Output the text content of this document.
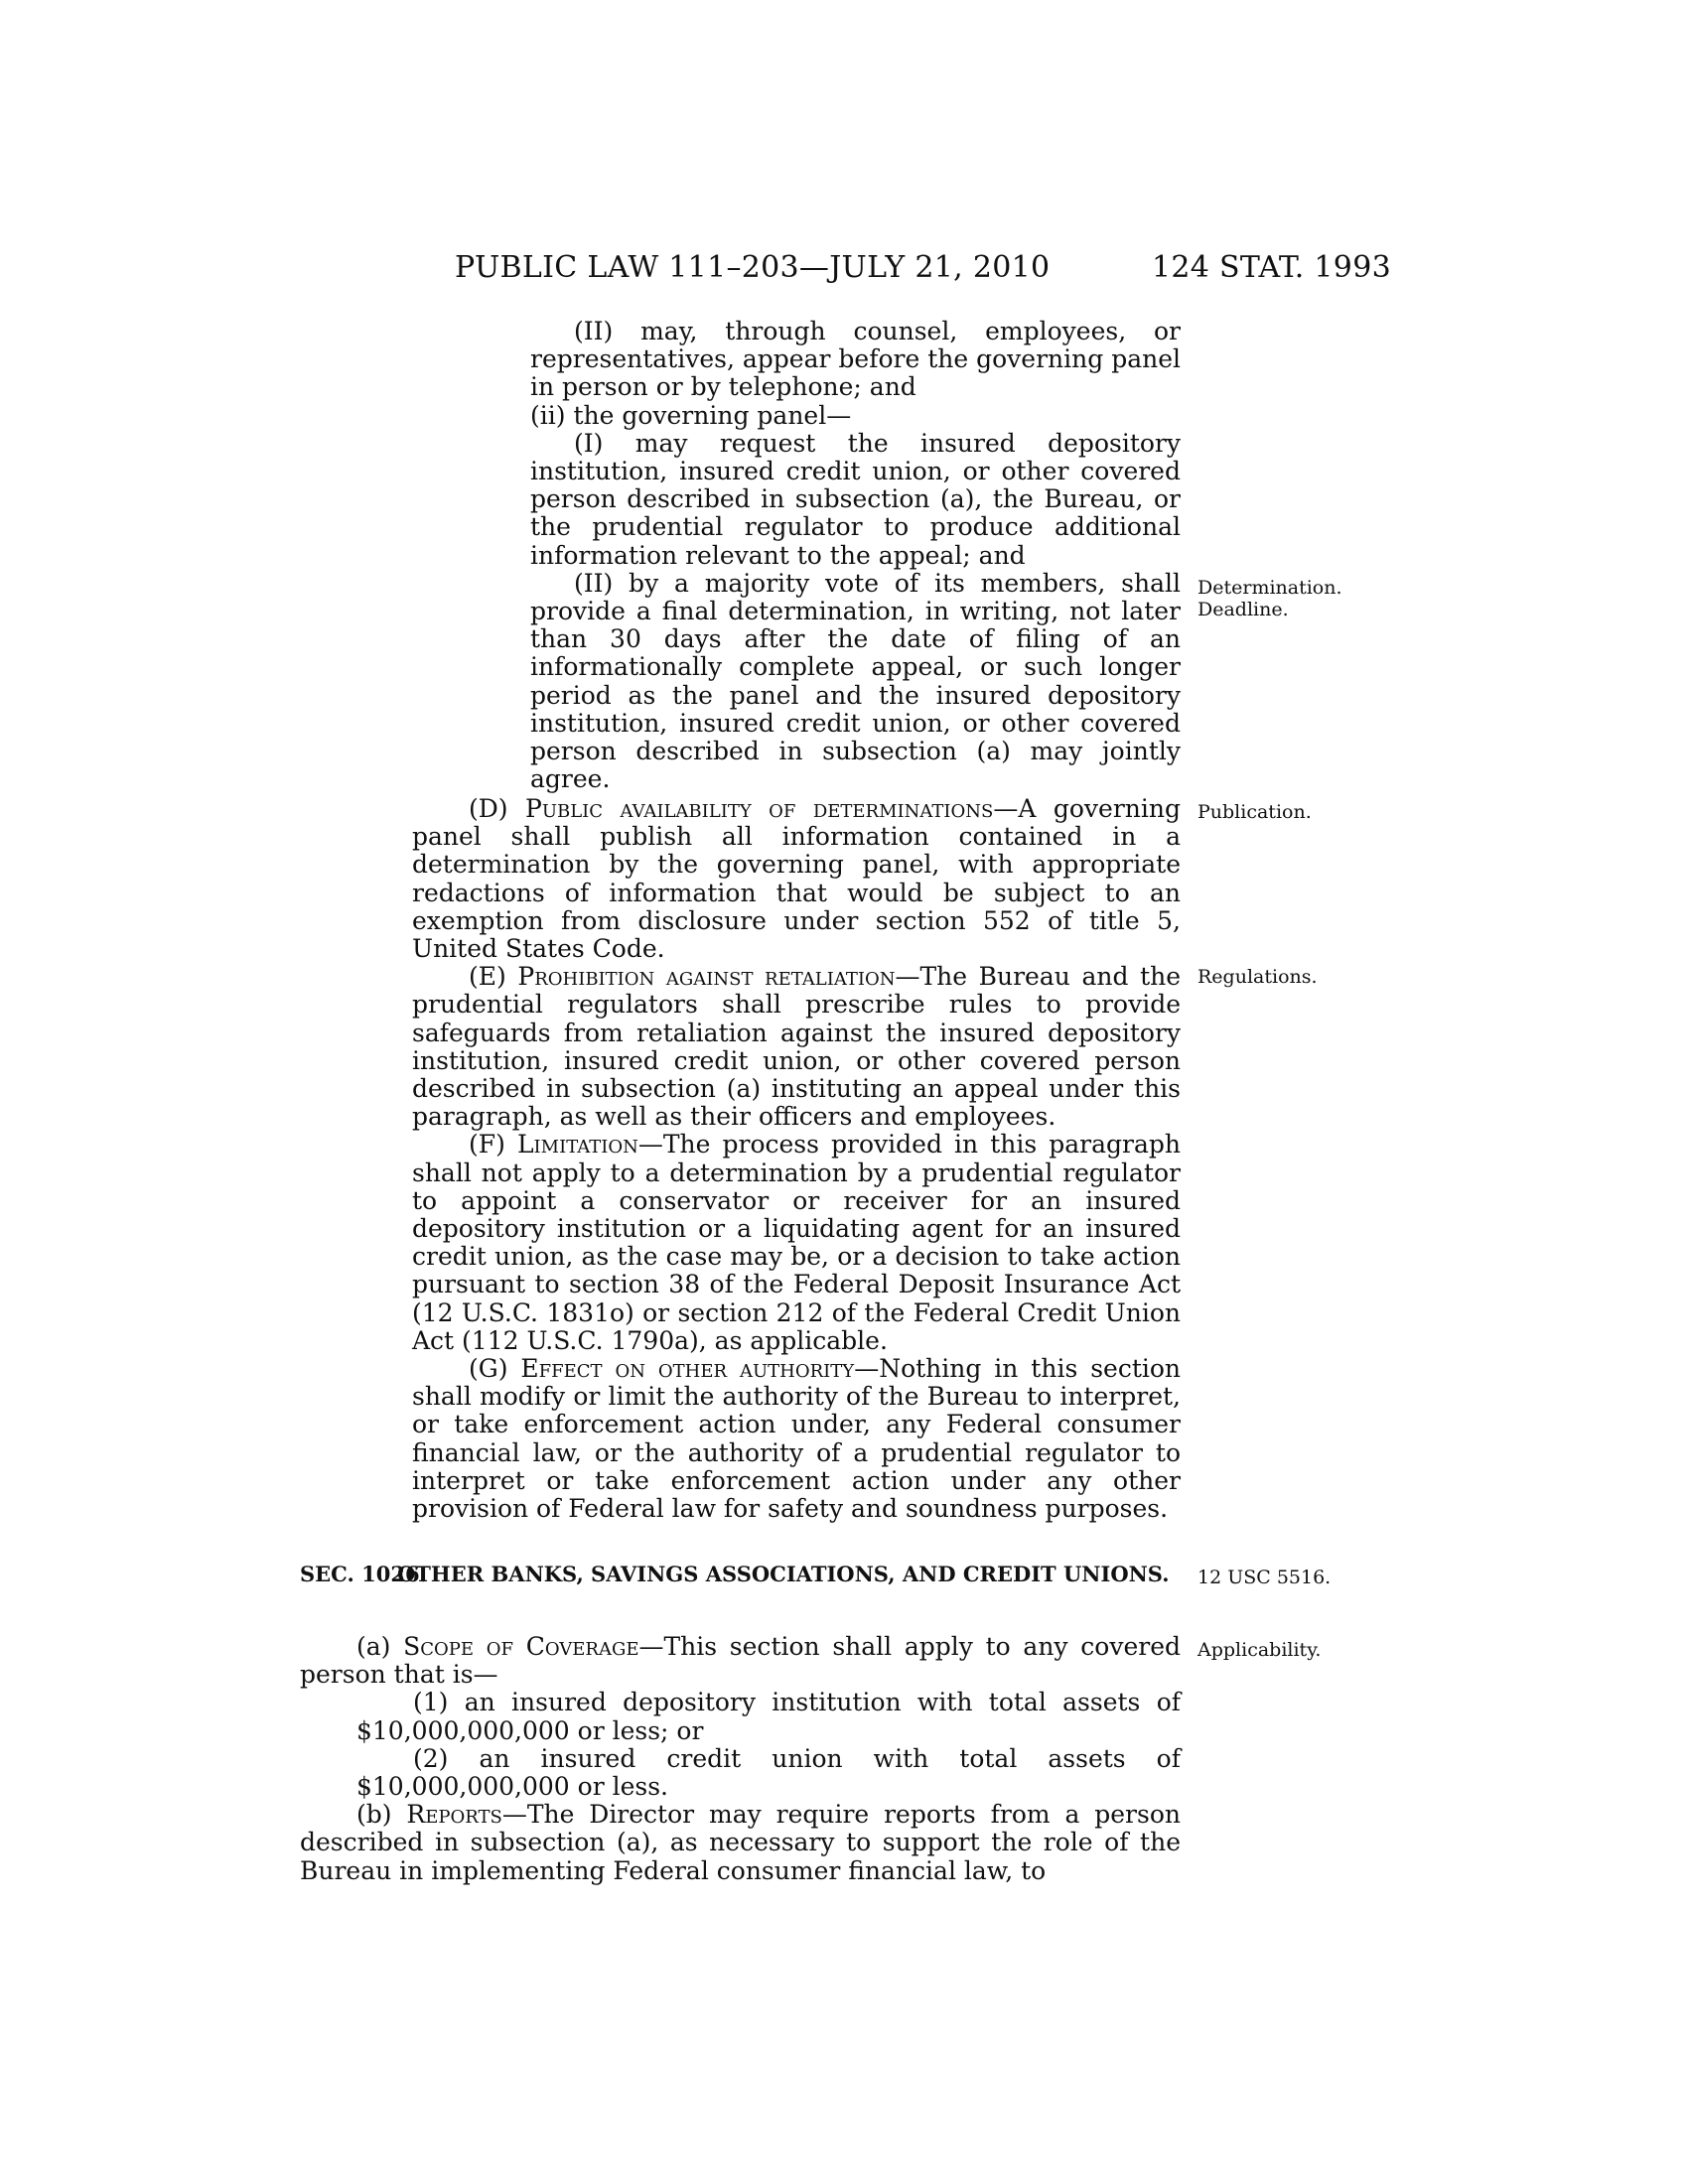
PUBLIC LAW 111–203—JULY 21, 2010	124 STAT. 1993
(II) may, through counsel, employees, or representatives, appear before the governing panel in person or by telephone; and
(ii) the governing panel—
(I) may request the insured depository institution, insured credit union, or other covered person described in subsection (a), the Bureau, or the prudential regulator to produce additional information relevant to the appeal; and
(II) by a majority vote of its members, shall provide a final determination, in writing, not later than 30 days after the date of filing of an informationally complete appeal, or such longer period as the panel and the insured depository institution, insured credit union, or other covered person described in subsection (a) may jointly agree.
(D) Public availability of determinations—A governing panel shall publish all information contained in a determination by the governing panel, with appropriate redactions of information that would be subject to an exemption from disclosure under section 552 of title 5, United States Code.
(E) Prohibition against retaliation—The Bureau and the prudential regulators shall prescribe rules to provide safeguards from retaliation against the insured depository institution, insured credit union, or other covered person described in subsection (a) instituting an appeal under this paragraph, as well as their officers and employees.
(F) Limitation—The process provided in this paragraph shall not apply to a determination by a prudential regulator to appoint a conservator or receiver for an insured depository institution or a liquidating agent for an insured credit union, as the case may be, or a decision to take action pursuant to section 38 of the Federal Deposit Insurance Act (12 U.S.C. 1831o) or section 212 of the Federal Credit Union Act (112 U.S.C. 1790a), as applicable.
(G) Effect on other authority—Nothing in this section shall modify or limit the authority of the Bureau to interpret, or take enforcement action under, any Federal consumer financial law, or the authority of a prudential regulator to interpret or take enforcement action under any other provision of Federal law for safety and soundness purposes.
SEC. 1026.
OTHER BANKS, SAVINGS ASSOCIATIONS, AND CREDIT UNIONS.
(a) Scope of Coverage—This section shall apply to any covered person that is—
(1) an insured depository institution with total assets of $10,000,000,000 or less; or
(2) an insured credit union with total assets of $10,000,000,000 or less.
(b) Reports—The Director may require reports from a person described in subsection (a), as necessary to support the role of the Bureau in implementing Federal consumer financial law, to
Determination.
Deadline.
Publication.
Regulations.
12 USC 5516.
Applicability.
